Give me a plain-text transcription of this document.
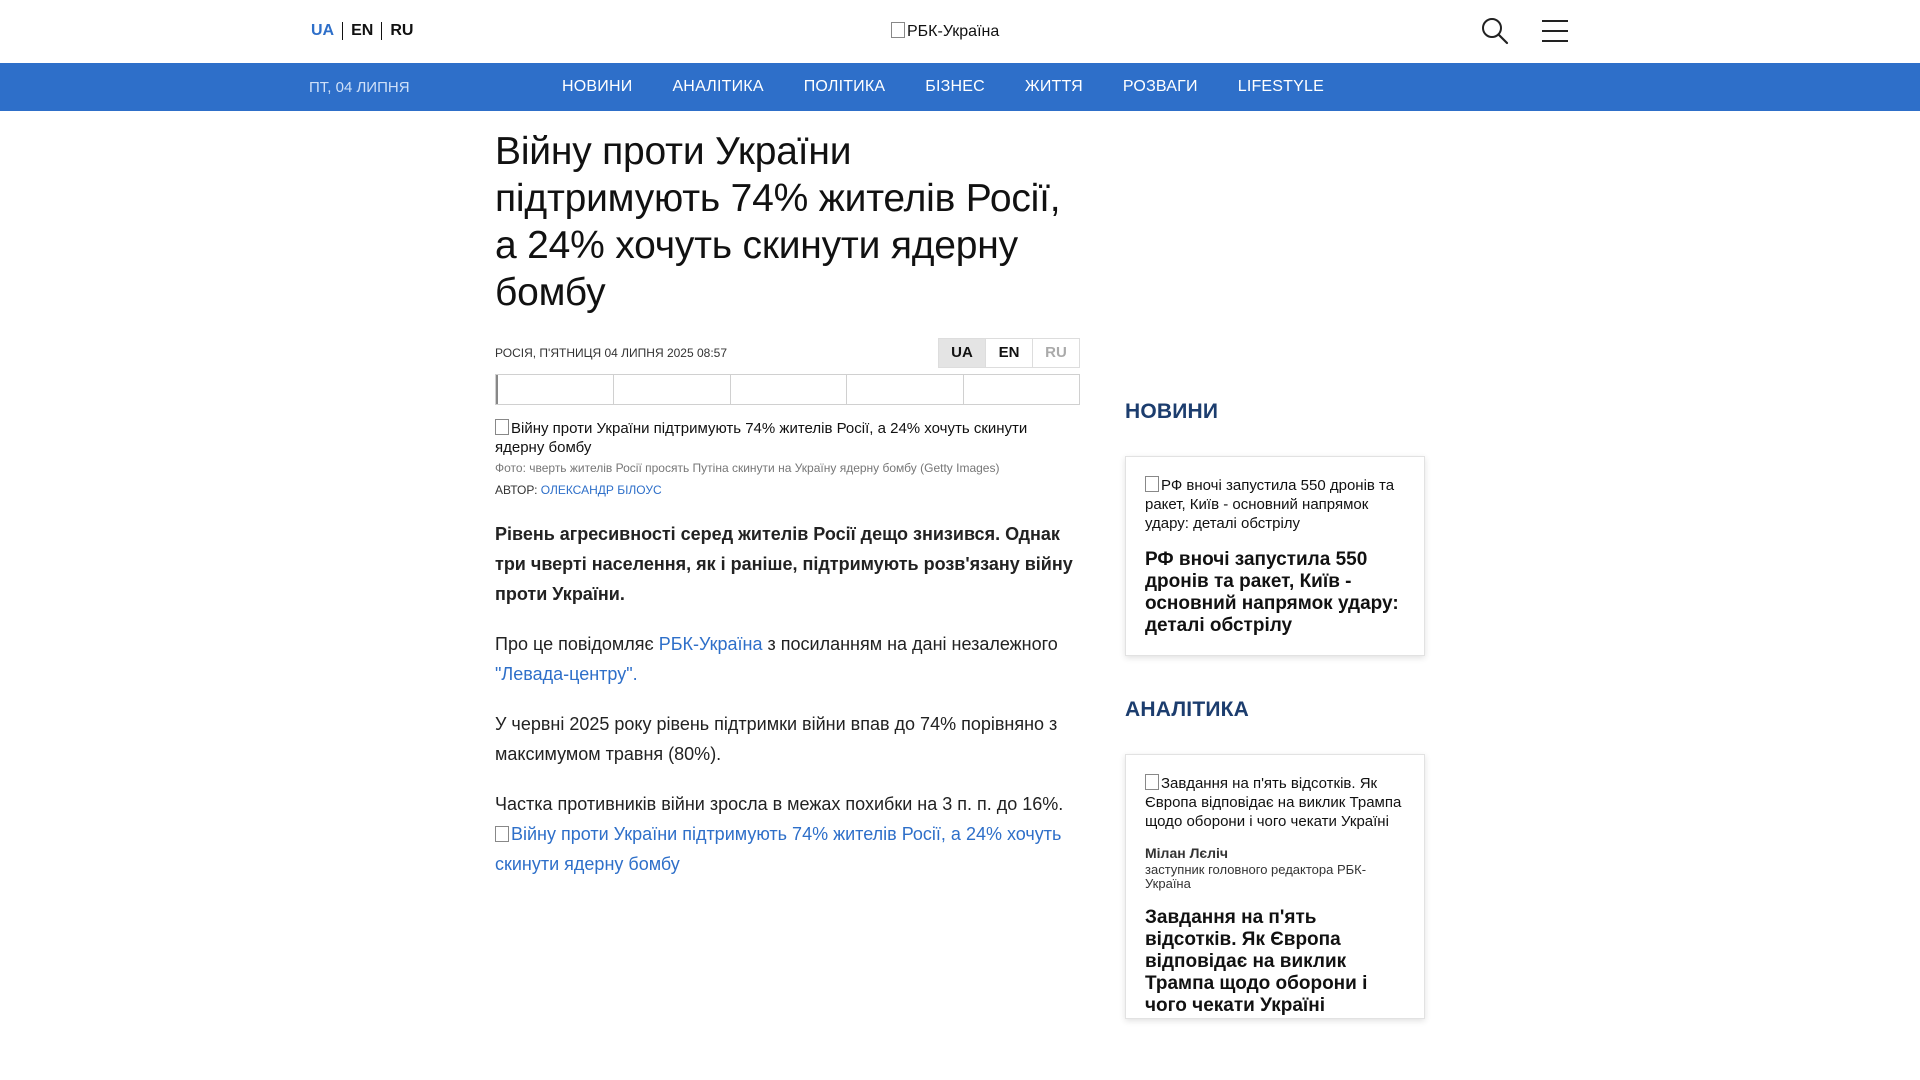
UA	EN	RU	РБК-Україна
ПТ, 04 ЛИПНЯ	НОВИНИ	АНАЛІТИКА	ПОЛІТИКА	БІЗНЕС	ЖИТТЯ	РОЗВАГИ	LIFESTYLE
Війну проти України підтримують 74% жителів Росії, а 24% хочуть скинути ядерну бомбу
РОСІЯ, П'ЯТНИЦЯ 04 ЛИПНЯ 2025 08:57	UA	EN	RU
Війну проти України підтримують 74% жителів Росії, а 24% хочуть скинути ядерну бомбу
Фото: чверть жителів Росії просять Путіна скинути на Україну ядерну бомбу (Getty Images)
АВТОР: ОЛЕКСАНДР БІЛОУС
Рівень агресивності серед жителів Росії дещо знизився. Однак три чверті населення, як і раніше, підтримують розв'язану війну проти України.
Про це повідомляє РБК-Україна з посиланням на дані незалежного "Левада-центру".
У червні 2025 року рівень підтримки війни впав до 74% порівняно з максимумом травня (80%).
Частка противників війни зросла в межах похибки на 3 п. п. до 16%.
Війну проти України підтримують 74% жителів Росії, а 24% хочуть скинути ядерну бомбу
НОВИНИ
РФ вночі запустила 550 дронів та ракет, Київ - основний напрямок удару: деталі обстрілу
РФ вночі запустила 550 дронів та ракет, Київ - основний напрямок удару: деталі обстрілу
АНАЛІТИКА
Завдання на п'ять відсотків. Як Європа відповідає на виклик Трампа щодо оборони і чого чекати Україні
Мілан Лєліч
заступник головного редактора РБК-Україна
Завдання на п'ять відсотків. Як Європа відповідає на виклик Трампа щодо оборони і чого чекати Україні
